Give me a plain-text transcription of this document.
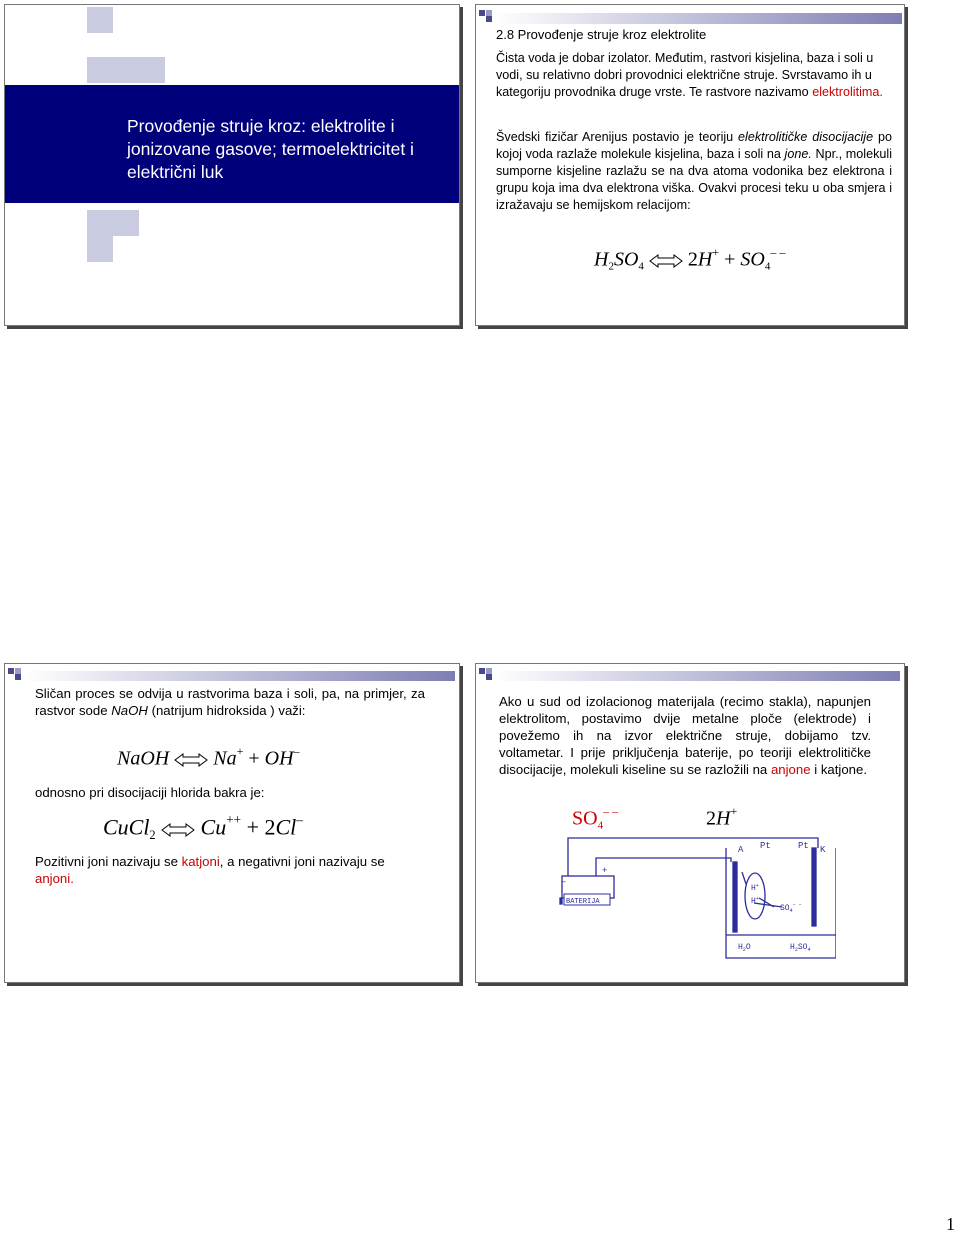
Provođenje struje kroz: elektrolite i jonizovane gasove; termoelektricitet i električni luk
2.8 Provođenje struje kroz elektrolite
Čista voda je dobar izolator. Međutim, rastvori kisjelina, baza i soli u vodi, su relativno dobri provodnici električne struje. Svrstavamo ih u kategoriju provodnika druge vrste. Te rastvore nazivamo elektrolitima.
Švedski fizičar Arenijus postavio je teoriju elektrolitičke disocijacije po kojoj voda razlaže molekule kisjelina, baza i soli na jone. Npr., molekuli sumporne kisjeline razlažu se na dva atoma vodonika bez elektrona i grupu koja ima dva elektrona viška. Ovakvi procesi teku u oba smjera i izražavaju se hemijskom relacijom:
$H_2SO_4$ ⇌ $2H^+ + SO_4^{- -}$
Sličan proces se odvija u rastvorima baza i soli, pa, na primjer, za rastvor sode NaOH (natrijum hidroksida ) važi:
NaOH ⇌ Na+ + OH–
odnosno pri disocijaciji hlorida bakra je:
CuCl$_2$ ⇌ Cu++ + 2Cl–
Pozitivni joni nazivaju se katjoni, a negativni joni nazivaju se anjoni.
Ako u sud od izolacionog materijala (recimo stakla), napunjen elektrolitom, postavimo dvije metalne ploče (elektrode) i povežemo ih na izvor električne struje, dobijamo tzv. voltametar. I prije priključenja baterije, po teoriji elektrolitičke disocijacije, molekuli kiseline su se razložili na anjone i katjone.
$SO_4^{- -}$	2H+
A Pt	Pt K
–
+
BATERIJA
H+
H+
$SO_4^{- -}$
$H_2O$	$H_2SO_4$
1
